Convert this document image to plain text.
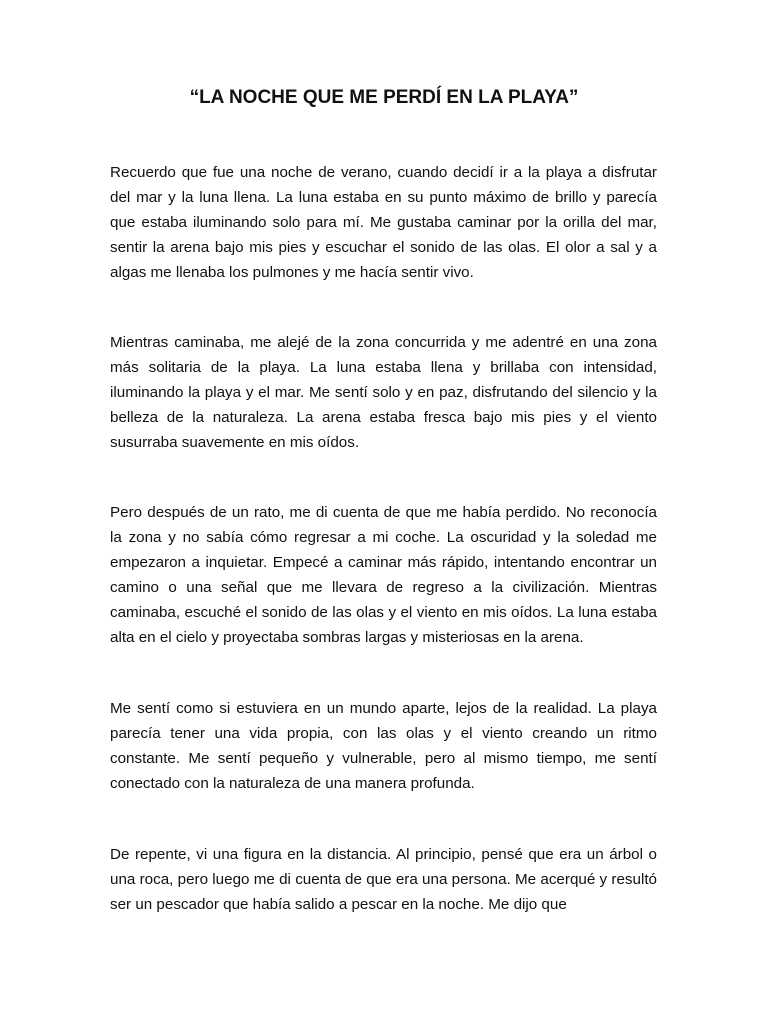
“LA NOCHE QUE ME PERDÍ EN LA PLAYA”

Recuerdo que fue una noche de verano, cuando decidí ir a la playa a disfrutar del mar y la luna llena. La luna estaba en su punto máximo de brillo y parecía que estaba iluminando solo para mí. Me gustaba caminar por la orilla del mar, sentir la arena bajo mis pies y escuchar el sonido de las olas. El olor a sal y a algas me llenaba los pulmones y me hacía sentir vivo.

Mientras caminaba, me alejé de la zona concurrida y me adentré en una zona más solitaria de la playa. La luna estaba llena y brillaba con intensidad, iluminando la playa y el mar. Me sentí solo y en paz, disfrutando del silencio y la belleza de la naturaleza. La arena estaba fresca bajo mis pies y el viento susurraba suavemente en mis oídos.

Pero después de un rato, me di cuenta de que me había perdido. No reconocía la zona y no sabía cómo regresar a mi coche. La oscuridad y la soledad me empezaron a inquietar. Empecé a caminar más rápido, intentando encontrar un camino o una señal que me llevara de regreso a la civilización. Mientras caminaba, escuché el sonido de las olas y el viento en mis oídos. La luna estaba alta en el cielo y proyectaba sombras largas y misteriosas en la arena.

Me sentí como si estuviera en un mundo aparte, lejos de la realidad. La playa parecía tener una vida propia, con las olas y el viento creando un ritmo constante. Me sentí pequeño y vulnerable, pero al mismo tiempo, me sentí conectado con la naturaleza de una manera profunda.

De repente, vi una figura en la distancia. Al principio, pensé que era un árbol o una roca, pero luego me di cuenta de que era una persona. Me acerqué y resultó ser un pescador que había salido a pescar en la noche. Me dijo que
